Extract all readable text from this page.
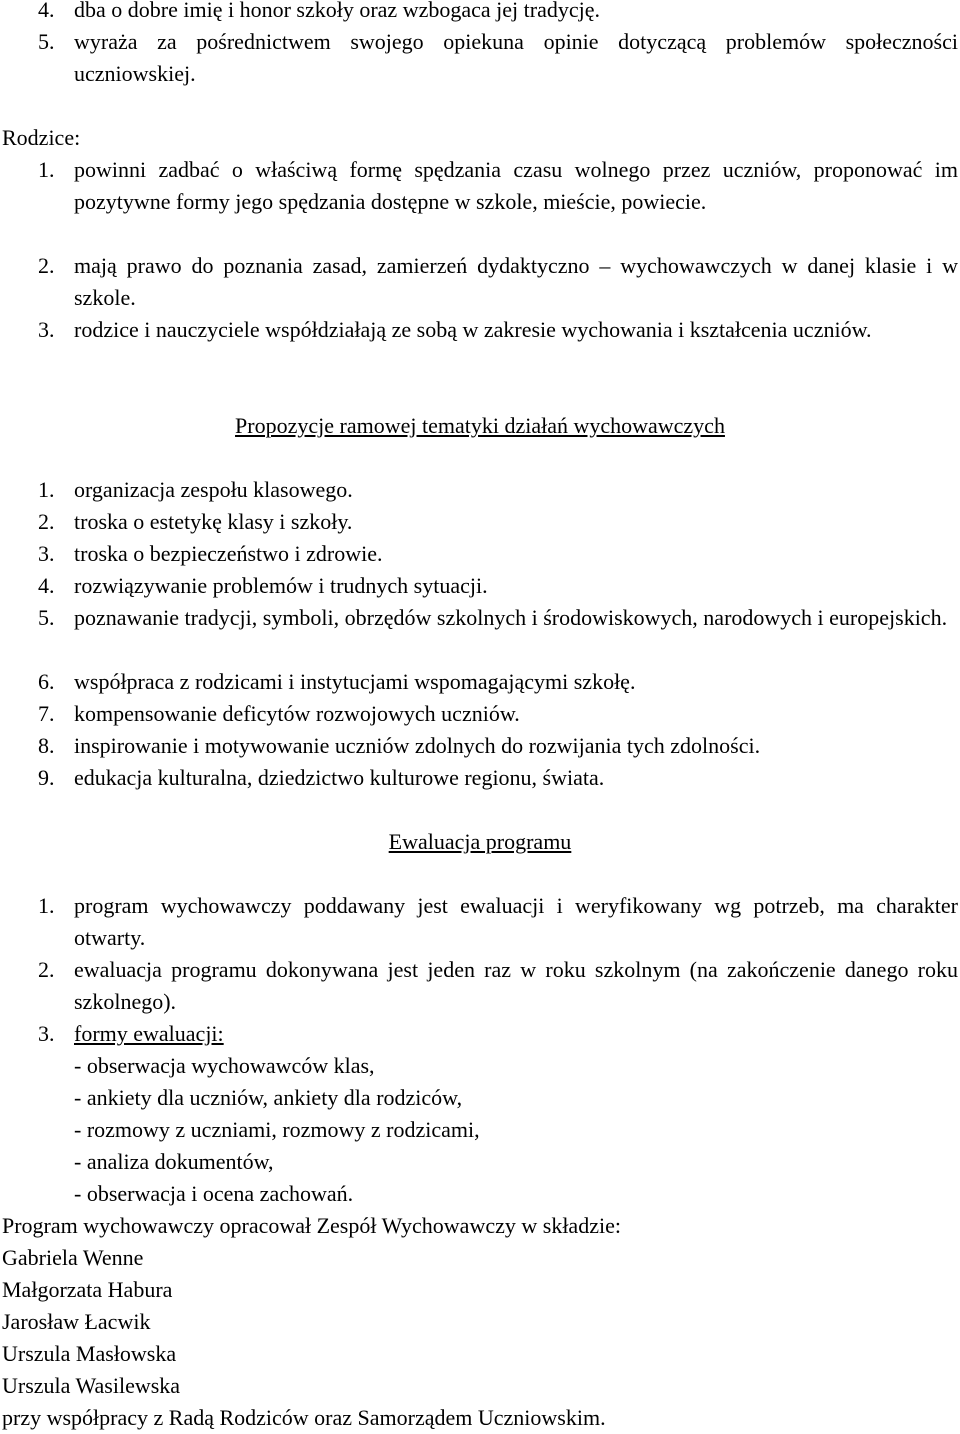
4. dba o dobre imię i honor szkoły oraz wzbogaca jej tradycję.
5. wyraża za pośrednictwem swojego opiekuna opinie dotyczącą problemów społeczności uczniowskiej.
Rodzice:
1. powinni zadbać o właściwą formę spędzania czasu wolnego przez uczniów, proponować im pozytywne formy jego spędzania dostępne w szkole, mieście, powiecie.
2. mają prawo do poznania zasad, zamierzeń dydaktyczno – wychowawczych w danej klasie i w szkole.
3. rodzice i nauczyciele współdziałają ze sobą w zakresie wychowania i kształcenia uczniów.
Propozycje ramowej tematyki działań wychowawczych
1. organizacja zespołu klasowego.
2. troska o estetykę klasy i szkoły.
3. troska o bezpieczeństwo i zdrowie.
4. rozwiązywanie problemów i trudnych sytuacji.
5. poznawanie tradycji, symboli, obrzędów szkolnych i środowiskowych, narodowych i europejskich.
6. współpraca z rodzicami i instytucjami wspomagającymi szkołę.
7. kompensowanie deficytów rozwojowych uczniów.
8. inspirowanie i motywowanie uczniów zdolnych do rozwijania tych zdolności.
9. edukacja kulturalna, dziedzictwo kulturowe regionu, świata.
Ewaluacja programu
1. program wychowawczy poddawany jest ewaluacji i weryfikowany wg potrzeb, ma charakter otwarty.
2. ewaluacja programu dokonywana jest jeden raz w roku szkolnym (na zakończenie danego roku szkolnego).
3. formy ewaluacji:
- obserwacja wychowawców klas,
- ankiety dla uczniów, ankiety dla rodziców,
- rozmowy z uczniami, rozmowy z rodzicami,
- analiza dokumentów,
- obserwacja i ocena zachowań.
Program wychowawczy opracował Zespół Wychowawczy w składzie:
Gabriela Wenne
Małgorzata Habura
Jarosław Łacwik
Urszula Masłowska
Urszula Wasilewska
przy współpracy z Radą Rodziców oraz Samorządem Uczniowskim.
